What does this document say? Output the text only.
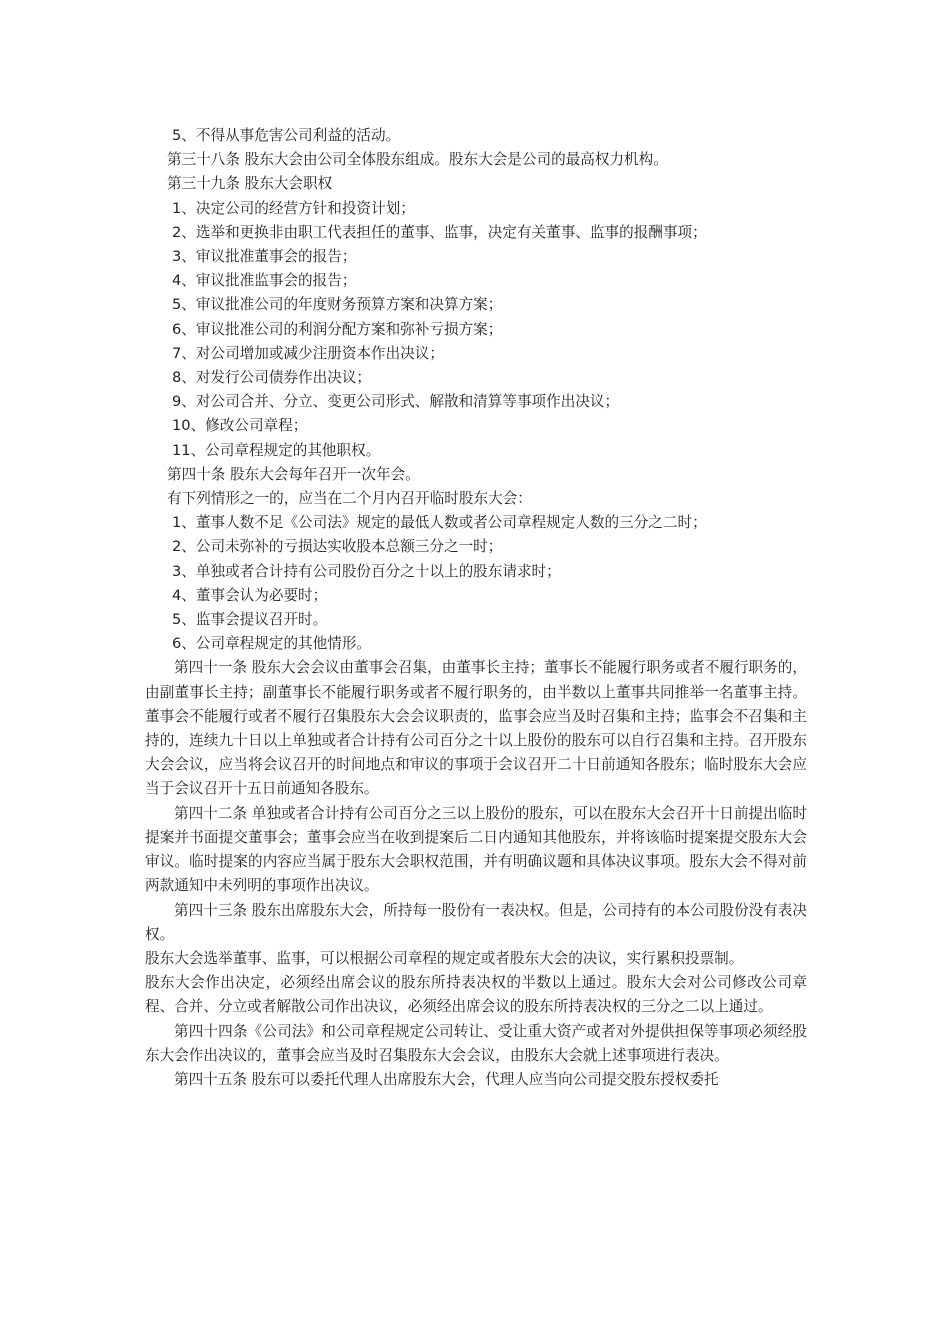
5、不得从事危害公司利益的活动。
第三十八条 股东大会由公司全体股东组成。股东大会是公司的最高权力机构。
第三十九条 股东大会职权
1、决定公司的经营方针和投资计划；
2、选举和更换非由职工代表担任的董事、监事，决定有关董事、监事的报酬事项；
3、审议批准董事会的报告；
4、审议批准监事会的报告；
5、审议批准公司的年度财务预算方案和决算方案；
6、审议批准公司的利润分配方案和弥补亏损方案；
7、对公司增加或减少注册资本作出决议；
8、对发行公司债券作出决议；
9、对公司合并、分立、变更公司形式、解散和清算等事项作出决议；
10、修改公司章程；
11、公司章程规定的其他职权。
第四十条 股东大会每年召开一次年会。
有下列情形之一的，应当在二个月内召开临时股东大会：
1、董事人数不足《公司法》规定的最低人数或者公司章程规定人数的三分之二时；
2、公司未弥补的亏损达实收股本总额三分之一时；
3、单独或者合计持有公司股份百分之十以上的股东请求时；
4、董事会认为必要时；
5、监事会提议召开时。
6、公司章程规定的其他情形。

第四十一条 股东大会会议由董事会召集，由董事长主持；董事长不能履行职务或者不履行职务的，由副董事长主持；副董事长不能履行职务或者不履行职务的，由半数以上董事共同推举一名董事主持。董事会不能履行或者不履行召集股东大会会议职责的，监事会应当及时召集和主持；监事会不召集和主持的，连续九十日以上单独或者合计持有公司百分之十以上股份的股东可以自行召集和主持。召开股东大会会议，应当将会议召开的时间地点和审议的事项于会议召开二十日前通知各股东；临时股东大会应当于会议召开十五日前通知各股东。

第四十二条 单独或者合计持有公司百分之三以上股份的股东，可以在股东大会召开十日前提出临时提案并书面提交董事会；董事会应当在收到提案后二日内通知其他股东，并将该临时提案提交股东大会审议。临时提案的内容应当属于股东大会职权范围，并有明确议题和具体决议事项。股东大会不得对前两款通知中未列明的事项作出决议。

第四十三条 股东出席股东大会，所持每一股份有一表决权。但是，公司持有的本公司股份没有表决权。

股东大会选举董事、监事，可以根据公司章程的规定或者股东大会的决议，实行累积投票制。

股东大会作出决定，必须经出席会议的股东所持表决权的半数以上通过。股东大会对公司修改公司章程、合并、分立或者解散公司作出决议，必须经出席会议的股东所持表决权的三分之二以上通过。

第四十四条《公司法》和公司章程规定公司转让、受让重大资产或者对外提供担保等事项必须经股东大会作出决议的，董事会应当及时召集股东大会会议，由股东大会就上述事项进行表决。

第四十五条 股东可以委托代理人出席股东大会，代理人应当向公司提交股东授权委托
